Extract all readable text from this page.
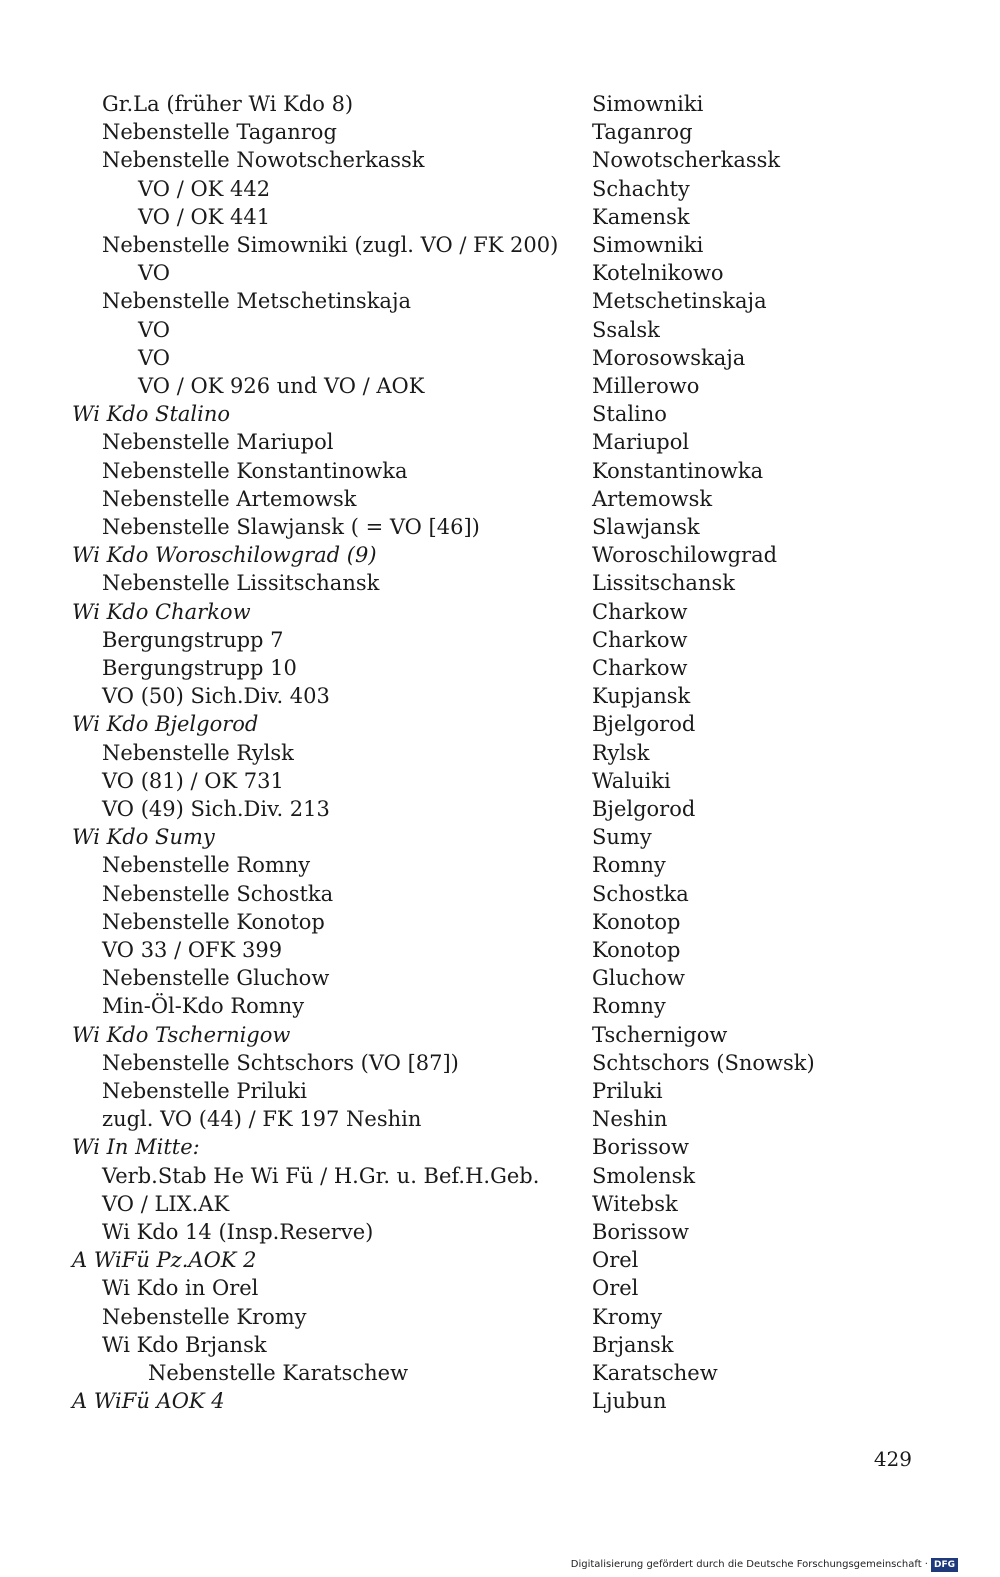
Gr.La (früher Wi Kdo 8)
Nebenstelle Taganrog
Nebenstelle Nowotscherkassk
VO / OK 442
VO / OK 441
Nebenstelle Simowniki (zugl. VO / FK 200)
VO
Nebenstelle Metschetinskaja
VO
VO
VO / OK 926 und VO / AOK
Wi Kdo Stalino
Nebenstelle Mariupol
Nebenstelle Konstantinowka
Nebenstelle Artemowsk
Nebenstelle Slawjansk ( = VO [46])
Wi Kdo Woroschilowgrad (9)
Nebenstelle Lissitschansk
Wi Kdo Charkow
Bergungstrupp 7
Bergungstrupp 10
VO (50) Sich.Div. 403
Wi Kdo Bjelgorod
Nebenstelle Rylsk
VO (81) / OK 731
VO (49) Sich.Div. 213
Wi Kdo Sumy
Nebenstelle Romny
Nebenstelle Schostka
Nebenstelle Konotop
VO 33 / OFK 399
Nebenstelle Gluchow
Min-Öl-Kdo Romny
Wi Kdo Tschernigow
Nebenstelle Schtschors (VO [87])
Nebenstelle Priluki
zugl. VO (44) / FK 197 Neshin
Wi In Mitte:
Verb.Stab He Wi Fü / H.Gr. u. Bef.H.Geb.
VO / LIX.AK
Wi Kdo 14 (Insp.Reserve)
A WiFü Pz.AOK 2
Wi Kdo in Orel
Nebenstelle Kromy
Wi Kdo Brjansk
Nebenstelle Karatschew
A WiFü AOK 4
Simowniki
Taganrog
Nowotscherkassk
Schachty
Kamensk
Simowniki
Kotelnikowo
Metschetinskaja
Ssalsk
Morosowskaja
Millerowo
Stalino
Mariupol
Konstantinowka
Artemowsk
Slawjansk
Woroschilowgrad
Lissitschansk
Charkow
Charkow
Charkow
Kupjansk
Bjelgorod
Rylsk
Waluiki
Bjelgorod
Sumy
Romny
Schostka
Konotop
Konotop
Gluchow
Romny
Tschernigow
Schtschors (Snowsk)
Priluki
Neshin
Borissow
Smolensk
Witebsk
Borissow
Orel
Orel
Kromy
Brjansk
Karatschew
Ljubun
429
Digitalisierung gefördert durch die Deutsche Forschungsgemeinschaft · DFG
